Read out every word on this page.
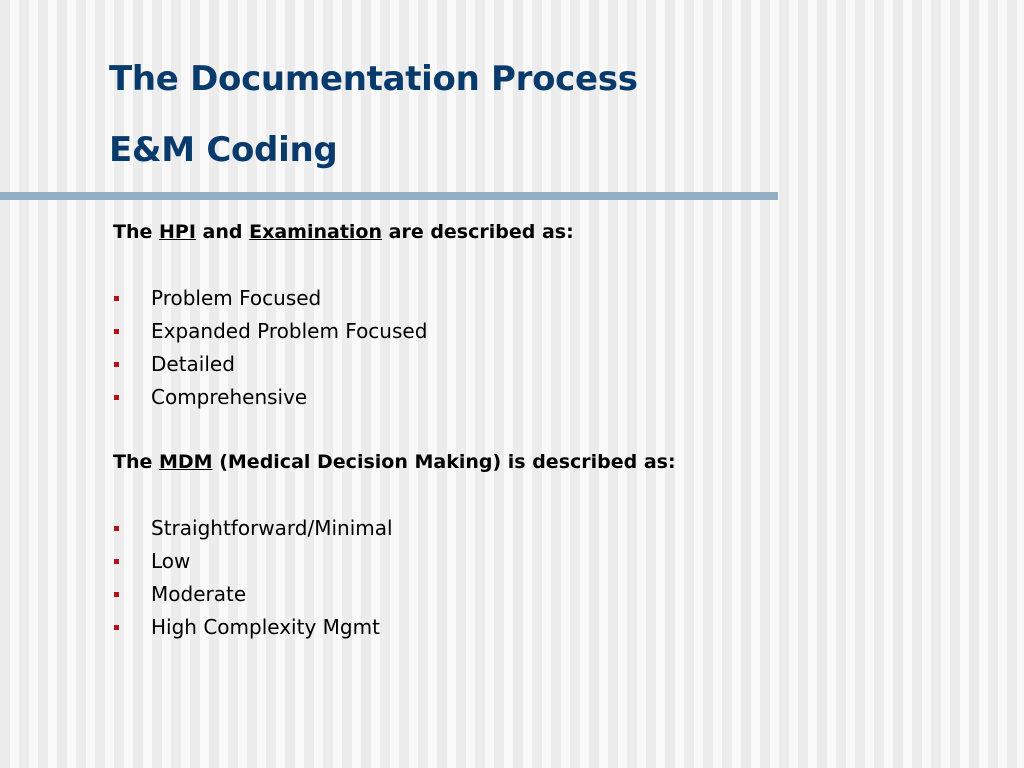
The Documentation Process
E&M Coding

The HPI and Examination are described as:

Problem Focused
Expanded Problem Focused
Detailed
Comprehensive

The MDM (Medical Decision Making) is described as:

Straightforward/Minimal
Low
Moderate
High Complexity Mgmt
